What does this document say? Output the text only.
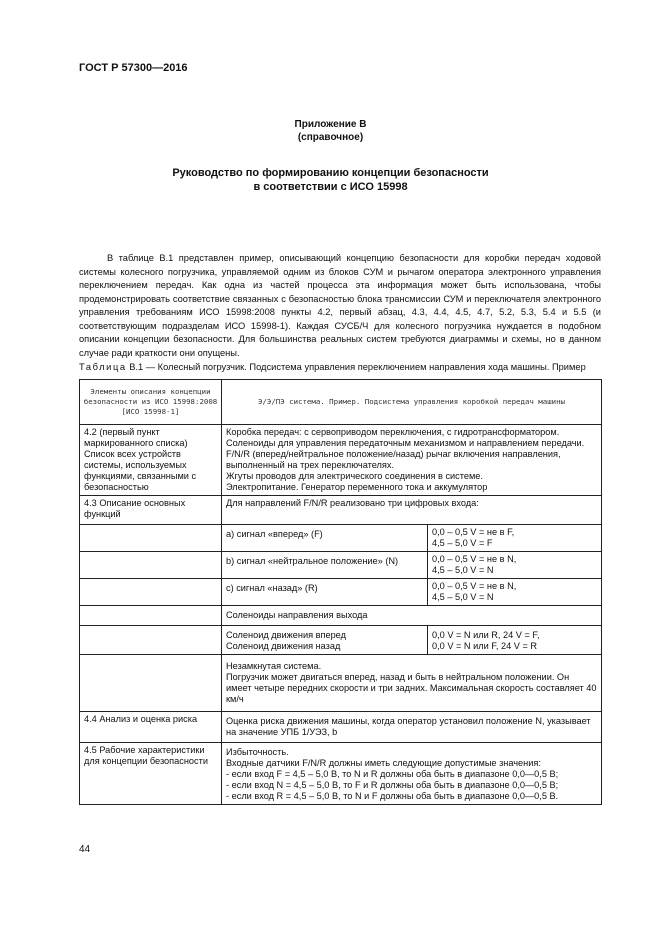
ГОСТ Р 57300—2016
Приложение В
(справочное)
Руководство по формированию концепции безопасности
в соответствии с ИСО 15998

В таблице В.1 представлен пример, описывающий концепцию безопасности для коробки передач ходовой системы колесного погрузчика, управляемой одним из блоков СУМ и рычагом оператора электронного управления переключением передач. Как одна из частей процесса эта информация может быть использована, чтобы продемонстрировать соответствие связанных с безопасностью блока трансмиссии СУМ и переключателя электронного управления требованиям ИСО 15998:2008 пункты 4.2, первый абзац, 4.3, 4.4, 4.5, 4.7, 5.2, 5.3, 5.4 и 5.5 (и соответствующим подразделам ИСО 15998-1). Каждая СУСБ/Ч для колесного погрузчика нуждается в подобном описании концепции безопасности. Для большинства реальных систем требуются диаграммы и схемы, но в данном случае ради краткости они опущены.

Таблица В.1 — Колесный погрузчик. Подсистема управления переключением направления хода машины. Пример
Элементы описания концепции безопасности из ИСО 15998:2008 [ИСО 15998-1]	Э/Э/ПЭ система. Пример. Подсистема управления коробкой передач машины	
4.2 (первый пункт маркированного списка) Список всех устройств системы, используемых функциями, связанными с безопасностью	Коробка передач: с сервоприводом переключения, с гидротрансформатором.
Соленоиды для управления передаточным механизмом и направлением передачи.
F/N/R (вперед/нейтральное положение/назад) рычаг включения направления, выполненный на трех переключателях.
Жгуты проводов для электрического соединения в системе.
Электропитание. Генератор переменного тока и аккумулятор	

4.3 Описание основных функций	Для направлений F/N/R реализовано три цифровых входа:	
	а) сигнал «вперед» (F)	0,0 – 0,5 V = не в F,
4,5 – 5,0 V = F

	b) сигнал «нейтральное положение» (N)	0,0 – 0,5 V = не в N,
4,5 – 5,0 V = N

	c) сигнал «назад» (R)	0,0 – 0,5 V = не в N,
4,5 – 5,0 V = N

	Соленоиды направления выхода	

	Соленоид движения вперед
Соленоид движения назад	0,0 V = N или R, 24 V = F,
0,0 V = N или F, 24 V = R

	Незамкнутая система.
Погрузчик может двигаться вперед, назад и быть в нейтральном положении. Он имеет четыре передних скорости и три задних. Максимальная скорость составляет 40 км/ч	

4.4 Анализ и оценка риска	Оценка риска движения машины, когда оператор установил положение N, указывает на значение УПБ 1/УЭЗ, b	
4.5 Рабочие характеристики для концепции безопасности	Избыточность.
Входные датчики F/N/R должны иметь следующие допустимые значения:
- если вход F = 4,5 – 5,0 В, то N и R должны оба быть в диапазоне 0,0—0,5 В;
- если вход N = 4,5 – 5,0 В, то F и R должны оба быть в диапазоне 0,0—0,5 В;
- если вход R = 4,5 – 5,0 В, то N и F должны оба быть в диапазоне 0,0—0,5 В.	
44
